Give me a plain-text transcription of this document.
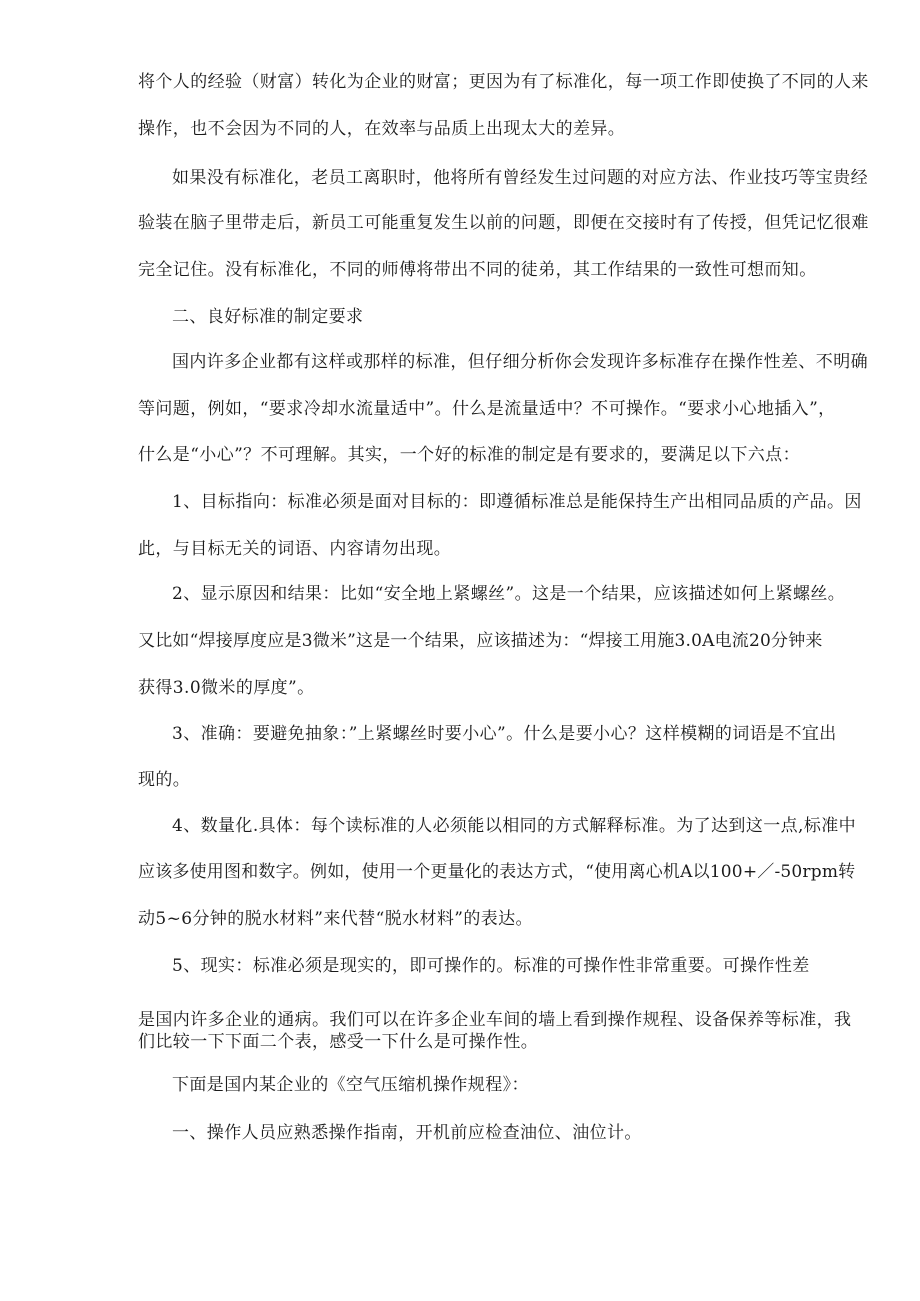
将个人的经验（财富）转化为企业的财富；更因为有了标准化，每一项工作即使换了不同的人来
操作，也不会因为不同的人，在效率与品质上出现太大的差异。
如果没有标准化，老员工离职时，他将所有曾经发生过问题的对应方法、作业技巧等宝贵经
验装在脑子里带走后，新员工可能重复发生以前的问题，即便在交接时有了传授，但凭记忆很难
完全记住。没有标准化，不同的师傅将带出不同的徒弟，其工作结果的一致性可想而知。
二、良好标准的制定要求
国内许多企业都有这样或那样的标准，但仔细分析你会发现许多标准存在操作性差、不明确
等问题，例如，“要求冷却水流量适中”。什么是流量适中？不可操作。“要求小心地插入”，
什么是“小心”？不可理解。其实，一个好的标准的制定是有要求的，要满足以下六点：
1、目标指向：标准必须是面对目标的：即遵循标准总是能保持生产出相同品质的产品。因
此，与目标无关的词语、内容请勿出现。
2、显示原因和结果：比如“安全地上紧螺丝”。这是一个结果，应该描述如何上紧螺丝。
又比如“焊接厚度应是3微米”这是一个结果，应该描述为：“焊接工用施3.0A电流20分钟来
获得3.0微米的厚度”。
3、准确：要避免抽象：”上紧螺丝时要小心”。什么是要小心？这样模糊的词语是不宜出
现的。
4、数量化.具体：每个读标准的人必须能以相同的方式解释标准。为了达到这一点,标准中
应该多使用图和数字。例如，使用一个更量化的表达方式，“使用离心机A以100+／-50rpm转
动5~6分钟的脱水材料”来代替“脱水材料”的表达。
5、现实：标准必须是现实的，即可操作的。标准的可操作性非常重要。可操作性差
是国内许多企业的通病。我们可以在许多企业车间的墙上看到操作规程、设备保养等标准，我
们比较一下下面二个表，感受一下什么是可操作性。
下面是国内某企业的《空气压缩机操作规程》：
一、操作人员应熟悉操作指南，开机前应检查油位、油位计。
